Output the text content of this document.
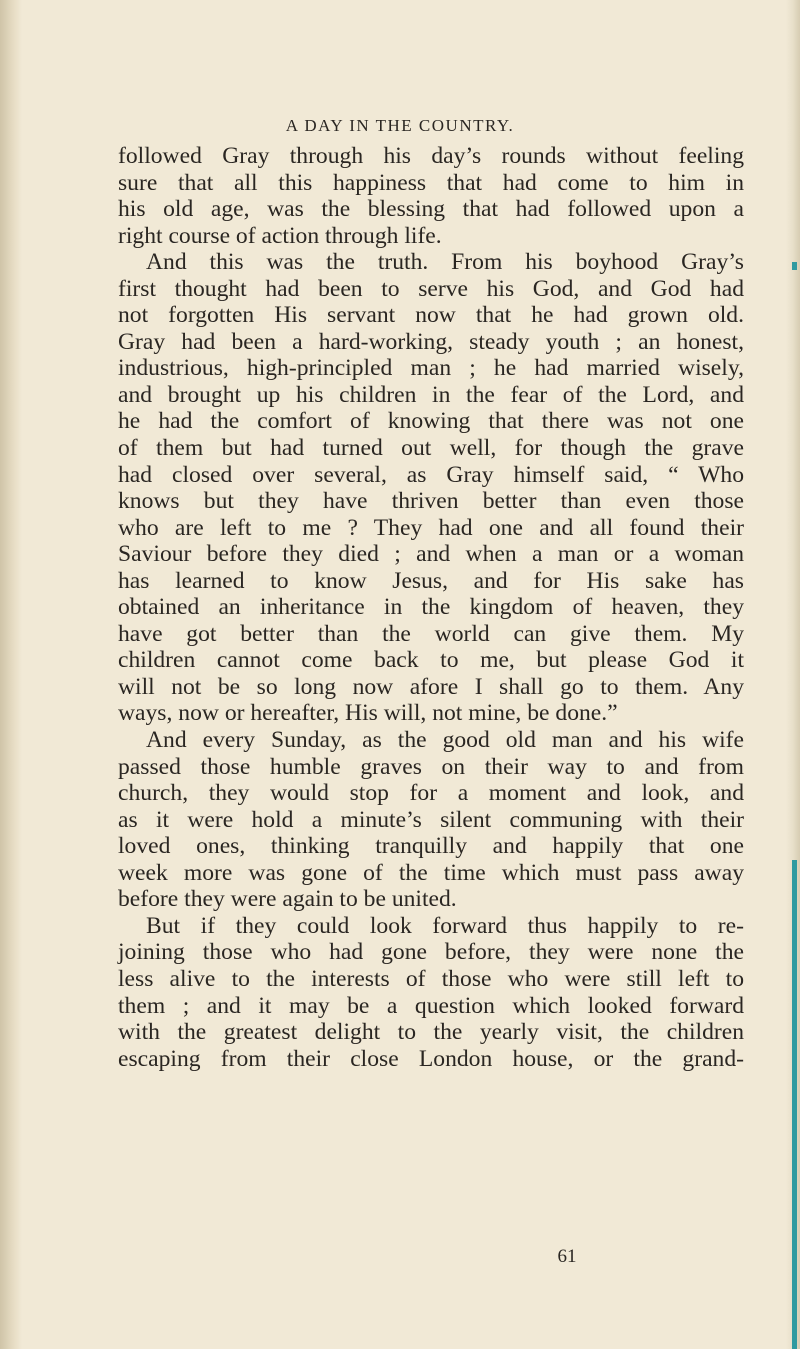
A DAY IN THE COUNTRY.
followed Gray through his day’s rounds without feeling
sure that all this happiness that had come to him in
his old age, was the blessing that had followed upon a
right course of action through life.
And this was the truth. From his boyhood Gray’s
first thought had been to serve his God, and God had
not forgotten His servant now that he had grown old.
Gray had been a hard-working, steady youth ; an honest,
industrious, high-principled man ; he had married wisely,
and brought up his children in the fear of the Lord, and
he had the comfort of knowing that there was not one
of them but had turned out well, for though the grave
had closed over several, as Gray himself said, “ Who
knows but they have thriven better than even those
who are left to me ? They had one and all found their
Saviour before they died ; and when a man or a woman
has learned to know Jesus, and for His sake has
obtained an inheritance in the kingdom of heaven, they
have got better than the world can give them. My
children cannot come back to me, but please God it
will not be so long now afore I shall go to them. Any
ways, now or hereafter, His will, not mine, be done.”
And every Sunday, as the good old man and his wife
passed those humble graves on their way to and from
church, they would stop for a moment and look, and
as it were hold a minute’s silent communing with their
loved ones, thinking tranquilly and happily that one
week more was gone of the time which must pass away
before they were again to be united.
But if they could look forward thus happily to re-
joining those who had gone before, they were none the
less alive to the interests of those who were still left to
them ; and it may be a question which looked forward
with the greatest delight to the yearly visit, the children
escaping from their close London house, or the grand-
61
